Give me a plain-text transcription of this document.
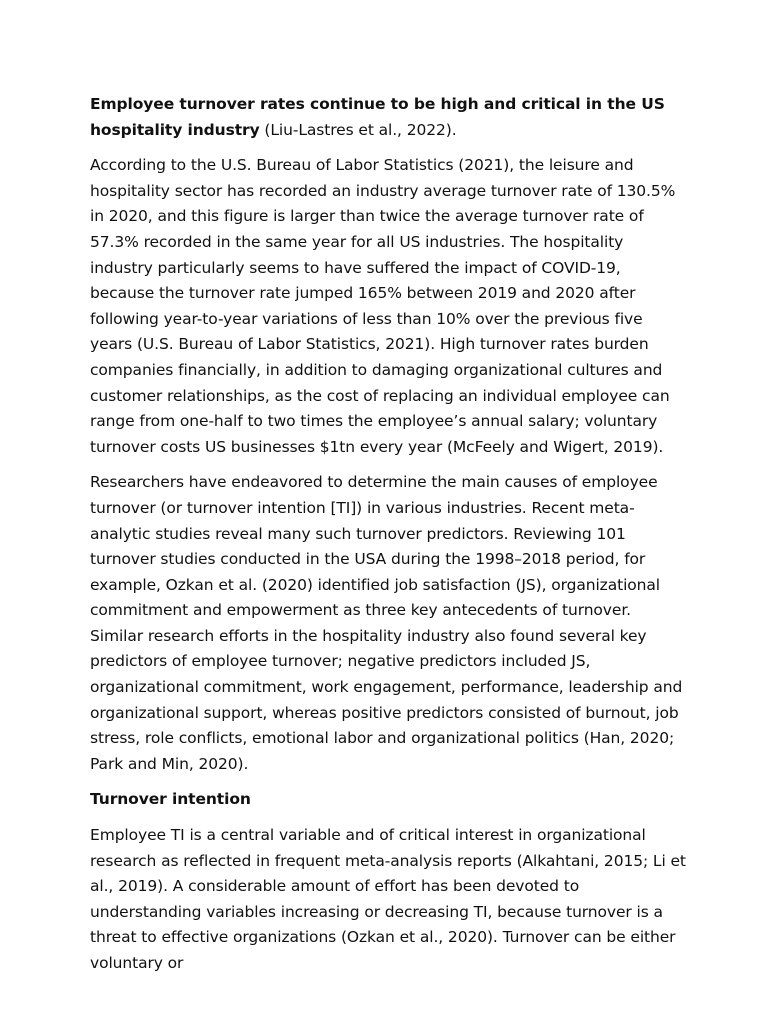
Employee turnover rates continue to be high and critical in the US hospitality industry (Liu-Lastres et al., 2022).

According to the U.S. Bureau of Labor Statistics (2021), the leisure and hospitality sector has recorded an industry average turnover rate of 130.5% in 2020, and this figure is larger than twice the average turnover rate of 57.3% recorded in the same year for all US industries. The hospitality industry particularly seems to have suffered the impact of COVID-19, because the turnover rate jumped 165% between 2019 and 2020 after following year-to-year variations of less than 10% over the previous five years (U.S. Bureau of Labor Statistics, 2021). High turnover rates burden companies financially, in addition to damaging organizational cultures and customer relationships, as the cost of replacing an individual employee can range from one-half to two times the employee’s annual salary; voluntary turnover costs US businesses $1tn every year (McFeely and Wigert, 2019).

Researchers have endeavored to determine the main causes of employee turnover (or turnover intention [TI]) in various industries. Recent meta-analytic studies reveal many such turnover predictors. Reviewing 101 turnover studies conducted in the USA during the 1998–2018 period, for example, Ozkan et al. (2020) identified job satisfaction (JS), organizational commitment and empowerment as three key antecedents of turnover. Similar research efforts in the hospitality industry also found several key predictors of employee turnover; negative predictors included JS, organizational commitment, work engagement, performance, leadership and organizational support, whereas positive predictors consisted of burnout, job stress, role conflicts, emotional labor and organizational politics (Han, 2020; Park and Min, 2020).

Turnover intention

Employee TI is a central variable and of critical interest in organizational research as reflected in frequent meta-analysis reports (Alkahtani, 2015; Li et al., 2019). A considerable amount of effort has been devoted to understanding variables increasing or decreasing TI, because turnover is a threat to effective organizations (Ozkan et al., 2020). Turnover can be either voluntary or
